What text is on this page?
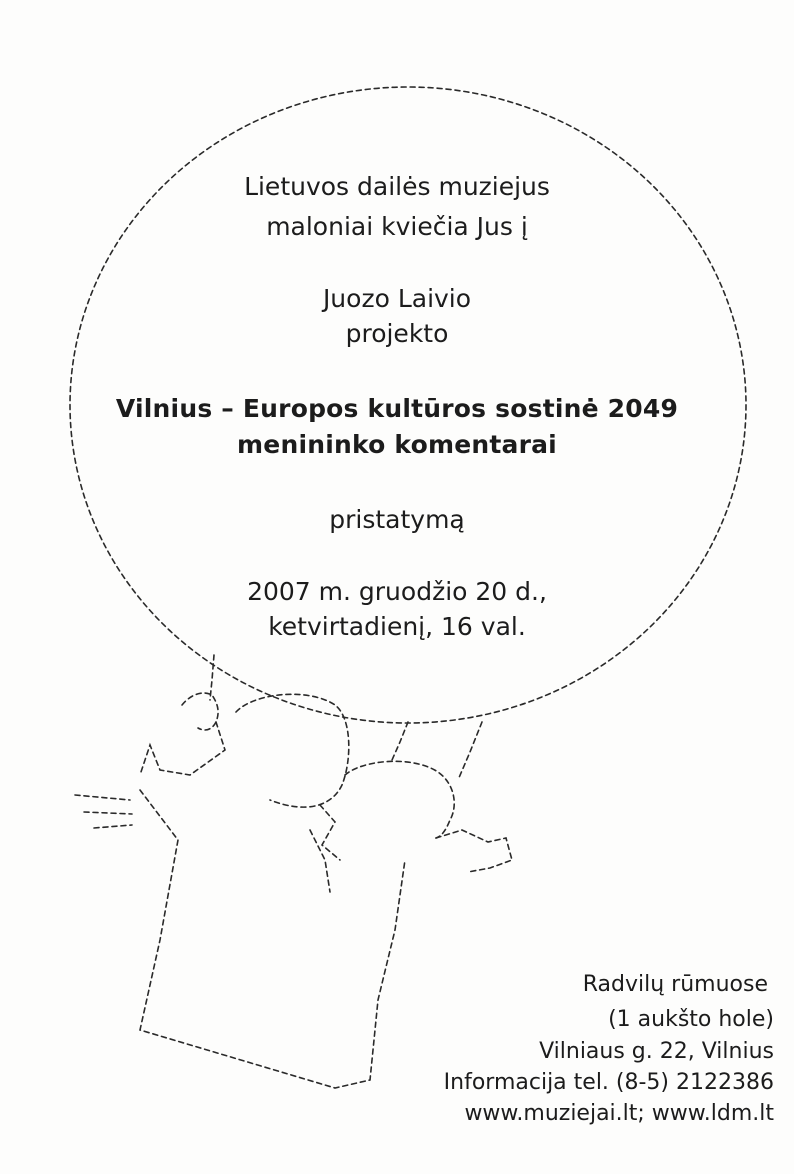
Lietuvos dailės muziejus
maloniai kviečia Jus į
Juozo Laivio
projekto
Vilnius – Europos kultūros sostinė 2049
menininko komentarai
pristatymą
2007 m. gruodžio 20 d.,
ketvirtadienį, 16 val.
Radvilų rūmuose
(1 aukšto hole)
Vilniaus g. 22, Vilnius
Informacija tel. (8-5) 2122386
www.muziejai.lt; www.ldm.lt
